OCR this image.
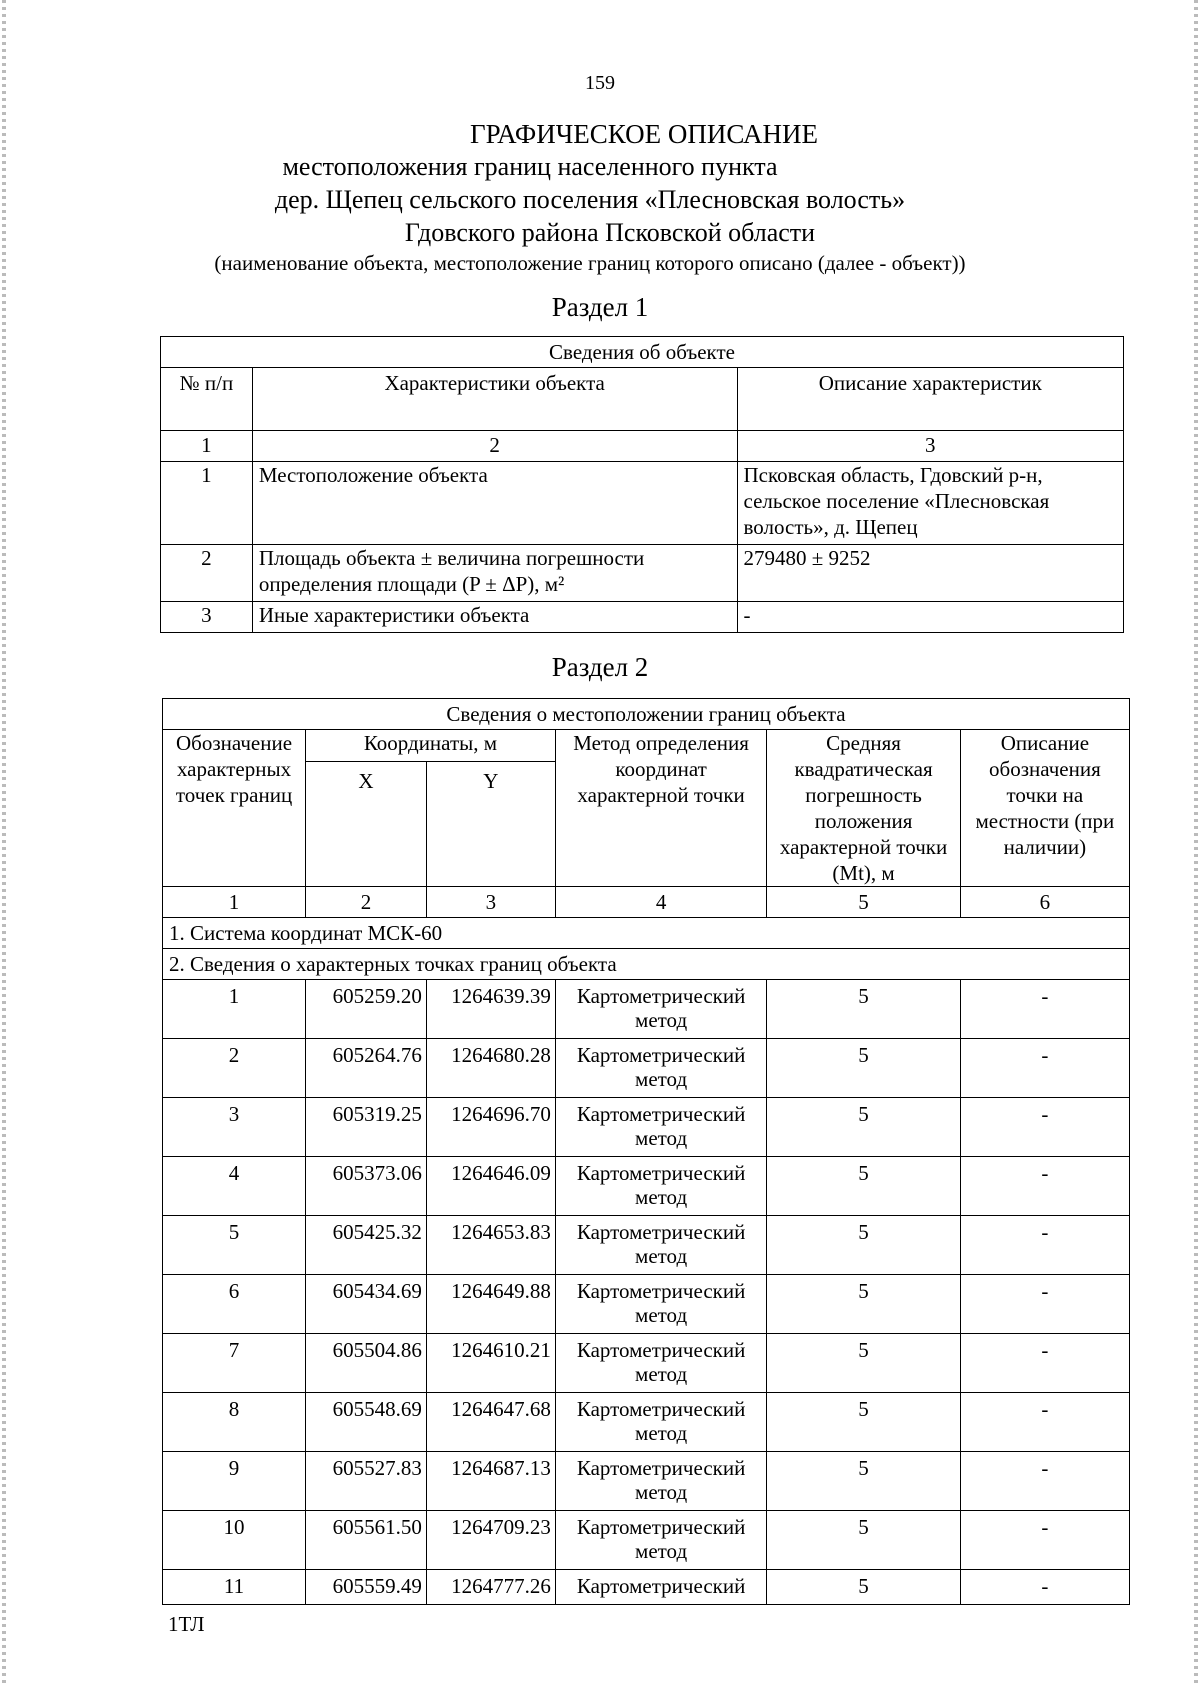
159
ГРАФИЧЕСКОЕ ОПИСАНИЕ
местоположения границ населенного пункта
дер. Щепец сельского поселения «Плесновская волость»
Гдовского района Псковской области
(наименование объекта, местоположение границ которого описано (далее - объект))
Раздел 1
Сведения об объекте		
№ п/п	Характеристики объекта	Описание характеристик
1	2	3
1	Местоположение объекта	Псковская область, Гдовский р-н, сельское поселение «Плесновская волость», д. Щепец
2	Площадь объекта ± величина погрешности определения площади (P ± ΔP), м²	279480 ± 9252
3	Иные характеристики объекта	-
Раздел 2
Сведения о местоположении границ объекта					
Обозначение характерных точек границ	Координаты, м		Метод определения координат характерной точки	Средняя квадратическая погрешность положения характерной точки (Mt), м	Описание обозначения точки на местности (при наличии)
	X	Y			
1	2	3	4	5	6
1. Система координат МСК-60					
2. Сведения о характерных точках границ объекта					
1	605259.20	1264639.39	Картометрический метод	5	-
2	605264.76	1264680.28	Картометрический метод	5	-
3	605319.25	1264696.70	Картометрический метод	5	-
4	605373.06	1264646.09	Картометрический метод	5	-
5	605425.32	1264653.83	Картометрический метод	5	-
6	605434.69	1264649.88	Картометрический метод	5	-
7	605504.86	1264610.21	Картометрический метод	5	-
8	605548.69	1264647.68	Картометрический метод	5	-
9	605527.83	1264687.13	Картометрический метод	5	-
10	605561.50	1264709.23	Картометрический метод	5	-
11	605559.49	1264777.26	Картометрический	5	-
1ТЛ
